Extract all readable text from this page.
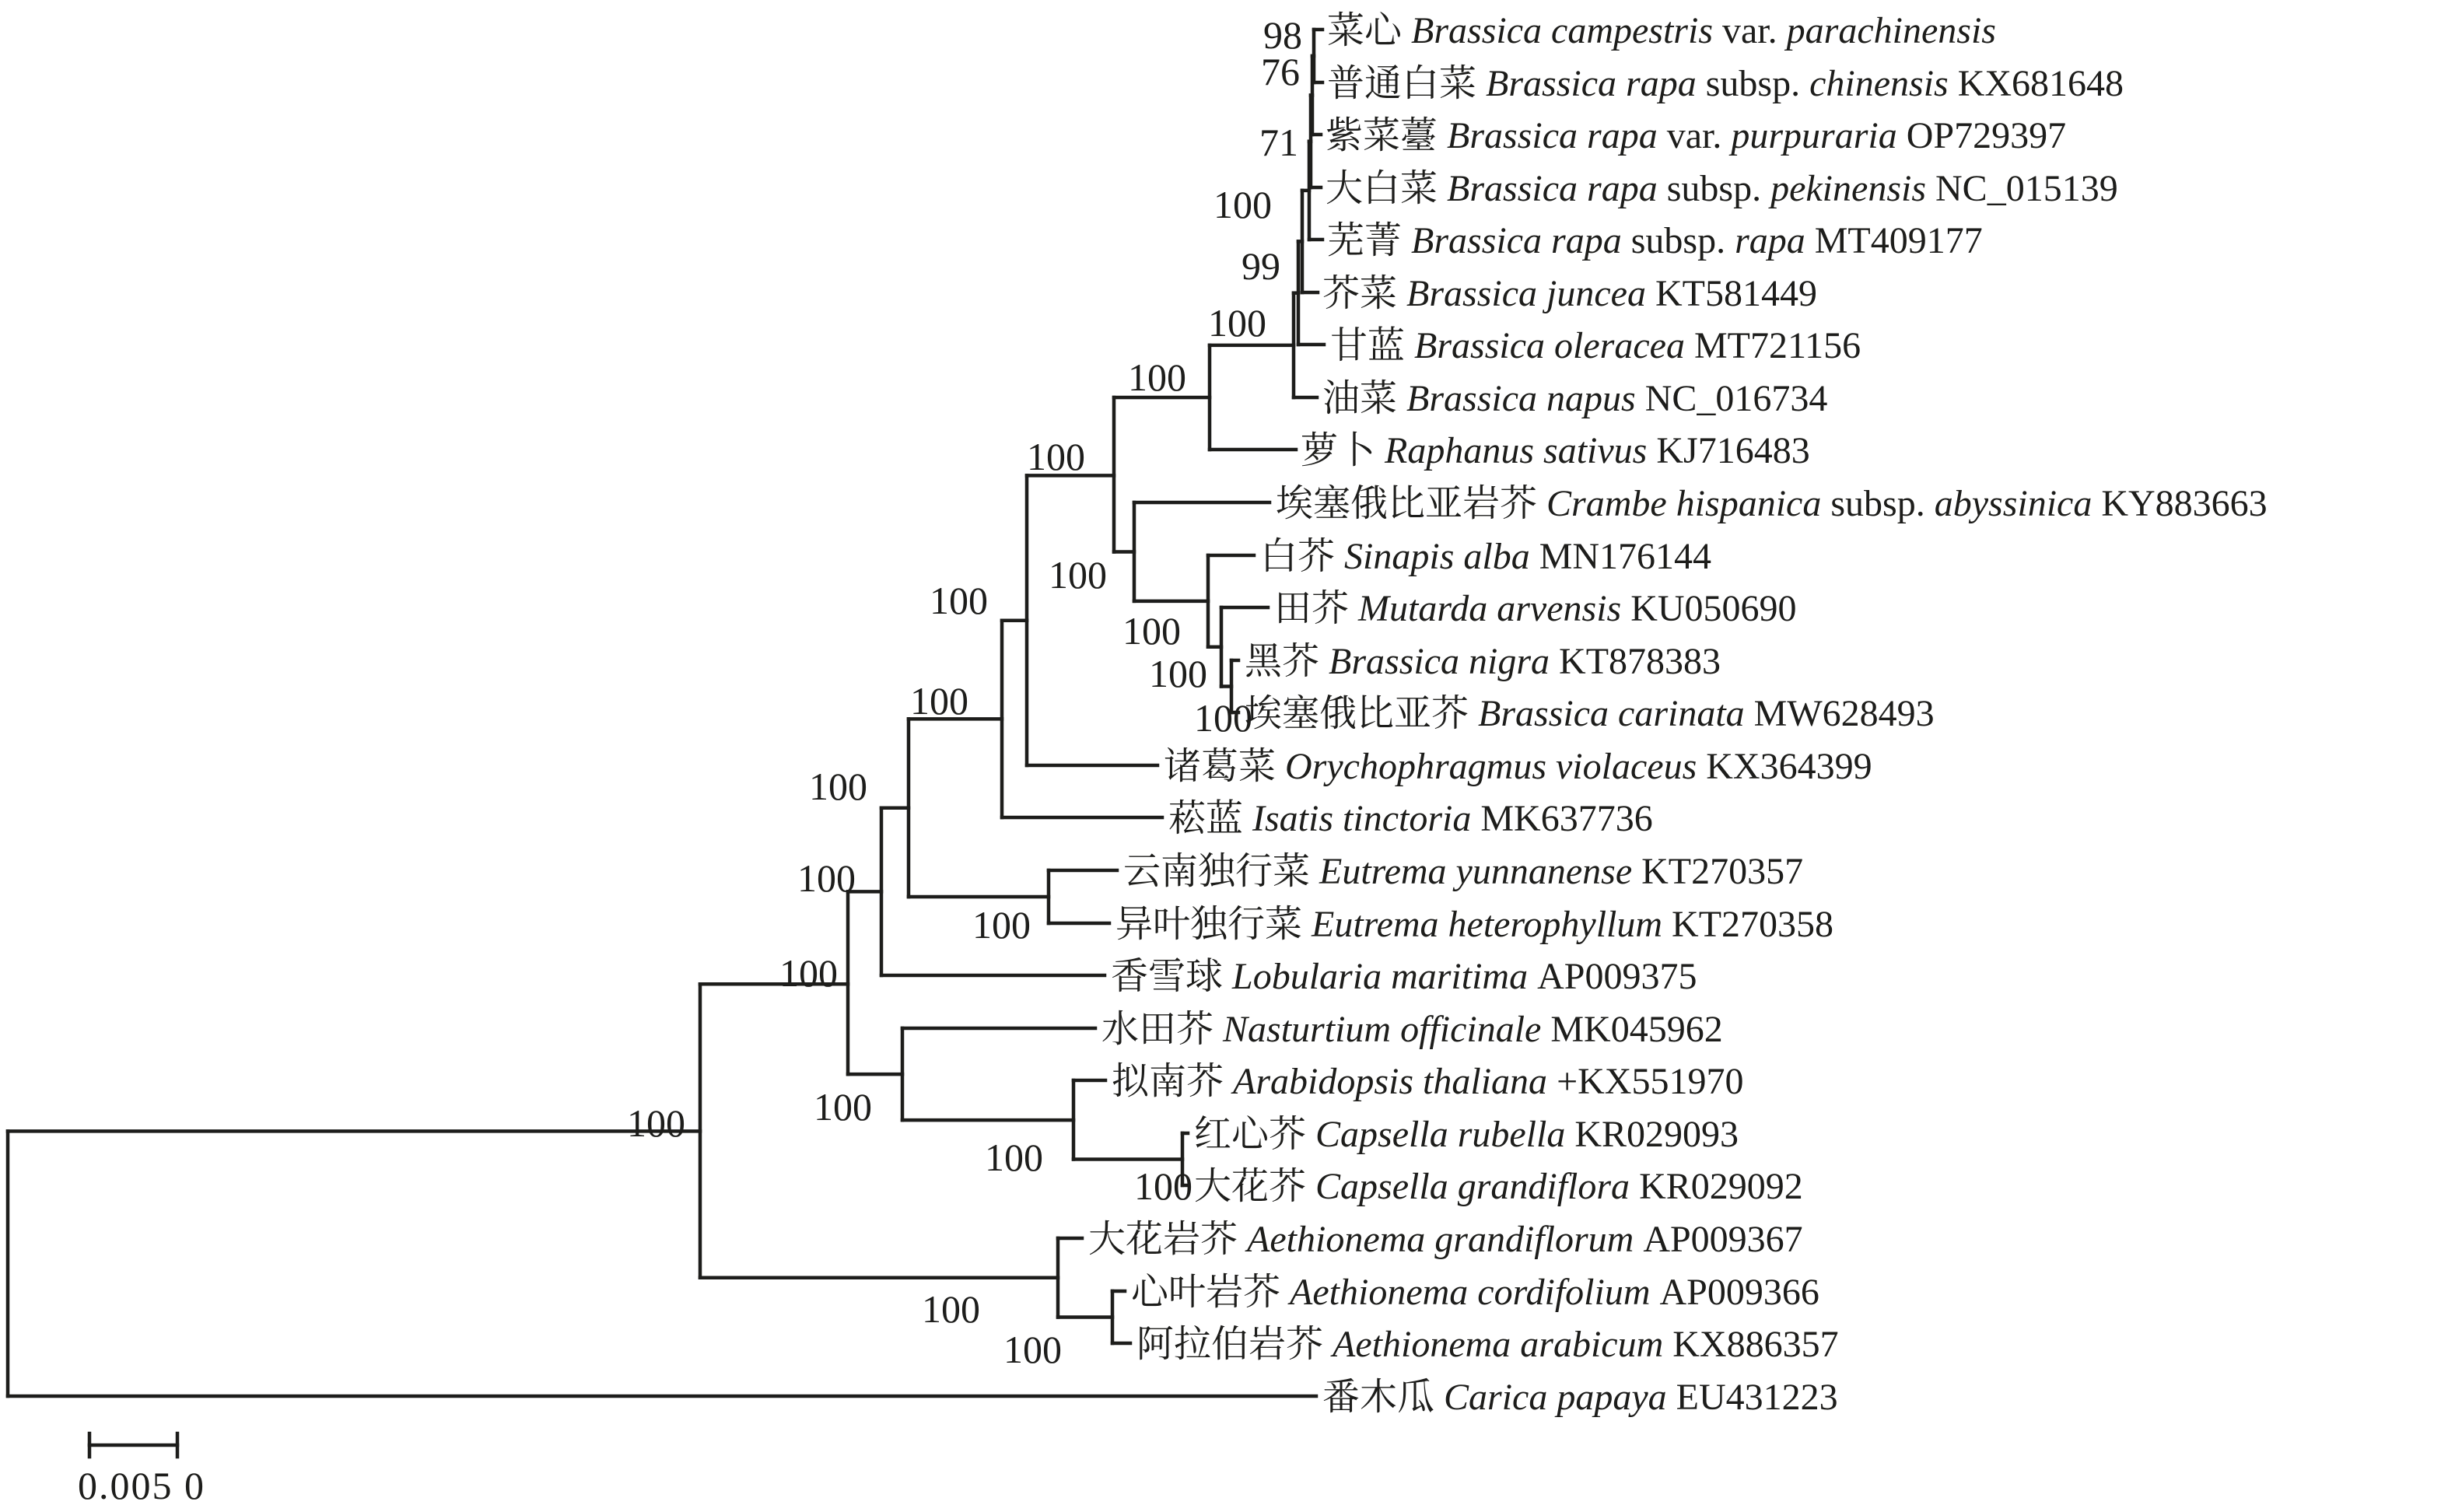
100
100
100
100
100
100
100
100
100
99
100
71
76
98
100
100
100
100
100
100
100
100
100
100
菜心 Brassica campestris var. parachinensis
普通白菜 Brassica rapa subsp. chinensis KX681648
紫菜薹 Brassica rapa var. purpuraria OP729397
大白菜 Brassica rapa subsp. pekinensis NC_015139
芜菁 Brassica rapa subsp. rapa MT409177
芥菜 Brassica juncea KT581449
甘蓝 Brassica oleracea MT721156
油菜 Brassica napus NC_016734
萝卜 Raphanus sativus KJ716483
埃塞俄比亚岩芥 Crambe hispanica subsp. abyssinica KY883663
白芥 Sinapis alba MN176144
田芥 Mutarda arvensis KU050690
黑芥 Brassica nigra KT878383
埃塞俄比亚芥 Brassica carinata MW628493
诸葛菜 Orychophragmus violaceus KX364399
菘蓝 Isatis tinctoria MK637736
云南独行菜 Eutrema yunnanense KT270357
异叶独行菜 Eutrema heterophyllum KT270358
香雪球 Lobularia maritima AP009375
水田芥 Nasturtium officinale MK045962
拟南芥 Arabidopsis thaliana +KX551970
红心芥 Capsella rubella KR029093
大花芥 Capsella grandiflora KR029092
大花岩芥 Aethionema grandiflorum AP009367
心叶岩芥 Aethionema cordifolium AP009366
阿拉伯岩芥 Aethionema arabicum KX886357
番木瓜 Carica papaya EU431223
0.005 0
